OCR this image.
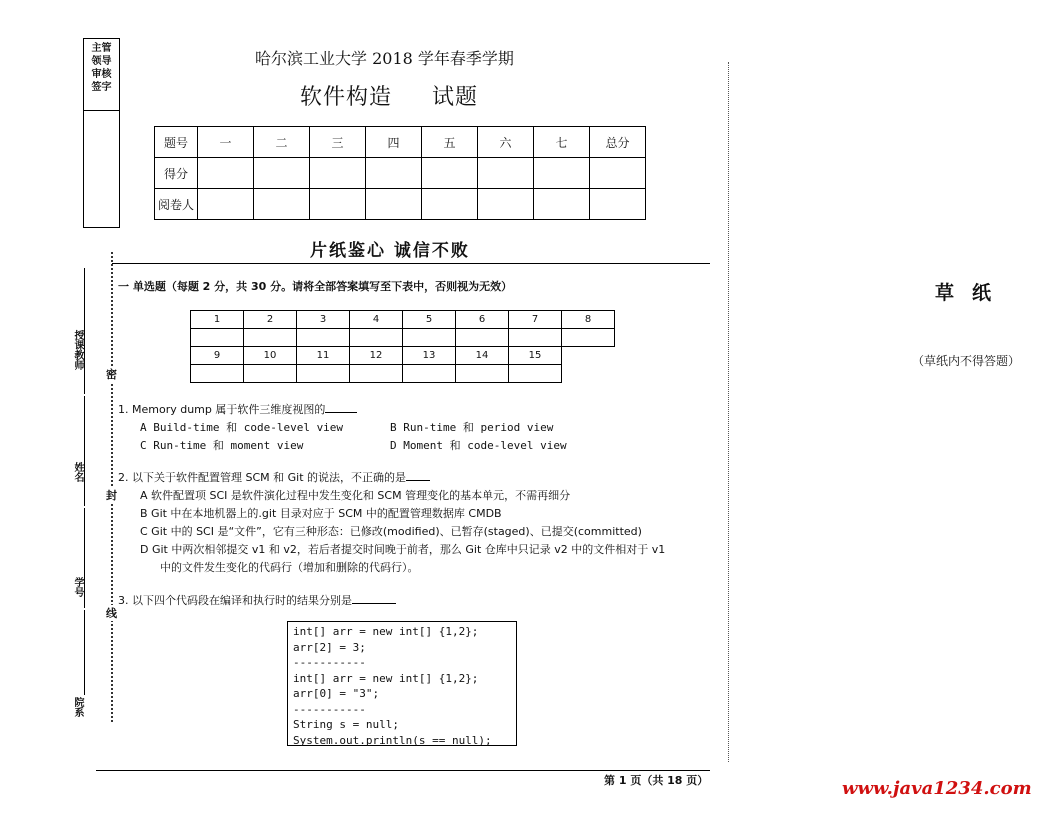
主管领导审核签字
哈尔滨工业大学 2018 学年春季学期
软件构造     试题
题号	一	二	三	四	五	六	七	总分
得分								
阅卷人								
片纸鉴心 诚信不败
一 单选题（每题 2 分，共 30 分。请将全部答案填写至下表中，否则视为无效）
1	2	3	4	5	6	7	8

9	10	11	12	13	14	15	

1. Memory dump 属于软件三维度视图的
A Build-time 和 code-level view	B Run-time 和 period view
C Run-time 和 moment view	D Moment 和 code-level view
2. 以下关于软件配置管理 SCM 和 Git 的说法，不正确的是
A 软件配置项 SCI 是软件演化过程中发生变化和 SCM 管理变化的基本单元，不需再细分
B Git 中在本地机器上的.git 目录对应于 SCM 中的配置管理数据库 CMDB
C Git 中的 SCI 是“文件”，它有三种形态：已修改(modified)、已暂存(staged)、已提交(committed)
D Git 中两次相邻提交 v1 和 v2，若后者提交时间晚于前者，那么 Git 仓库中只记录 v2 中的文件相对于 v1
中的文件发生变化的代码行（增加和删除的代码行）。
3. 以下四个代码段在编译和执行时的结果分别是
int[] arr = new int[] {1,2};
arr[2] = 3;
-----------
int[] arr = new int[] {1,2};
arr[0] = "3";
-----------
String s = null;
System.out.println(s == null);
第 1 页（共 18 页）
密
封
线
授课教师
姓名
学号
院系
草纸
（草纸内不得答题）
www.java1234.com
